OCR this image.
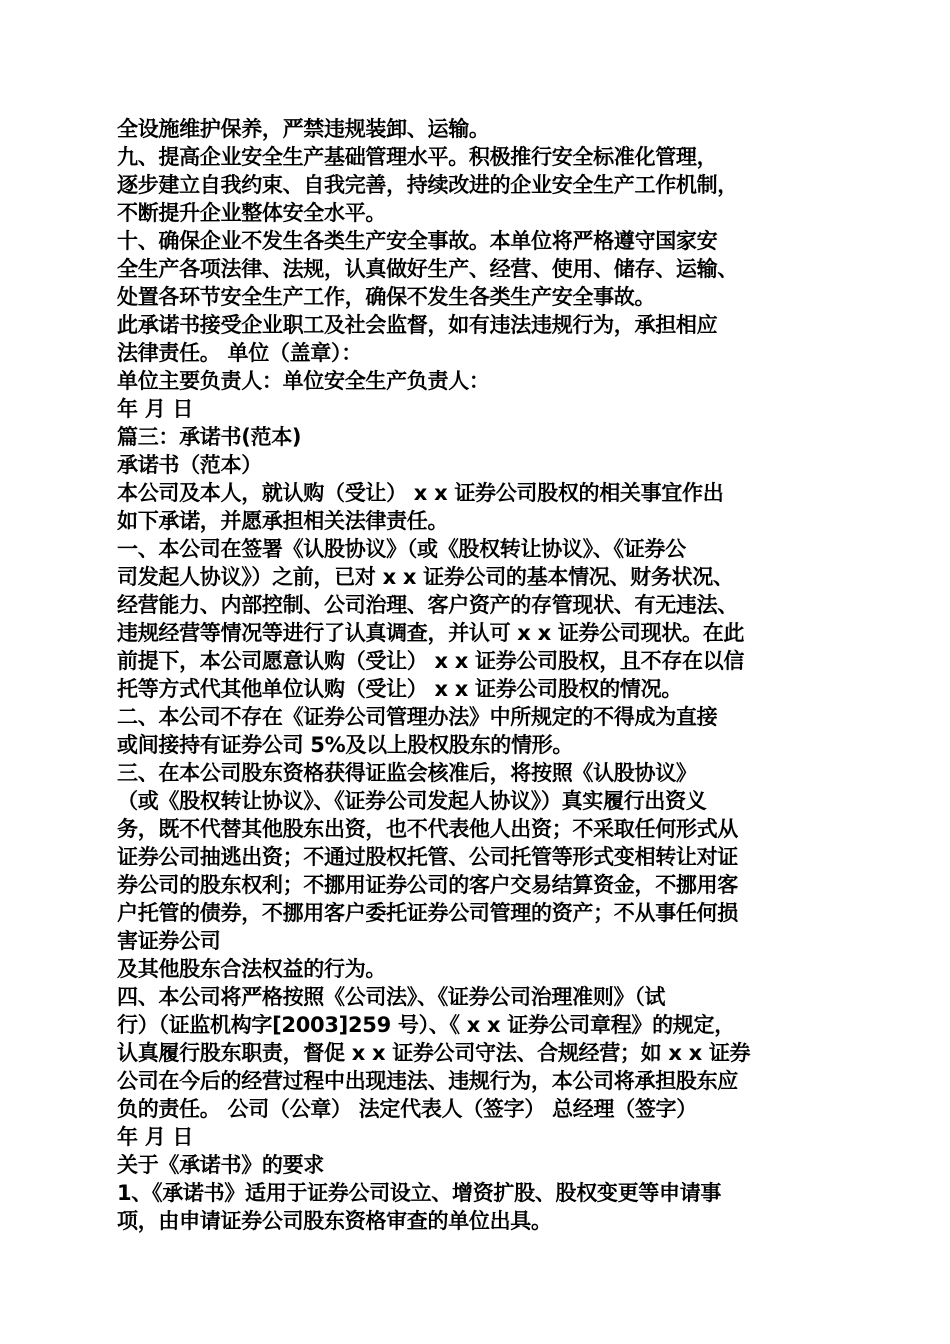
全设施维护保养，严禁违规装卸、运输。
九、提高企业安全生产基础管理水平。积极推行安全标准化管理，
逐步建立自我约束、自我完善，持续改进的企业安全生产工作机制，
不断提升企业整体安全水平。
十、确保企业不发生各类生产安全事故。本单位将严格遵守国家安
全生产各项法律、法规，认真做好生产、经营、使用、储存、运输、
处置各环节安全生产工作，确保不发生各类生产安全事故。
此承诺书接受企业职工及社会监督，如有违法违规行为，承担相应
法律责任。 单位（盖章）：
单位主要负责人：单位安全生产负责人：
年 月 日
篇三：承诺书(范本)
承诺书（范本）
本公司及本人，就认购（受让） x x 证券公司股权的相关事宜作出
如下承诺，并愿承担相关法律责任。
一、本公司在签署《认股协议》（或《股权转让协议》、《证券公
司发起人协议》）之前，已对 x x 证券公司的基本情况、财务状况、
经营能力、内部控制、公司治理、客户资产的存管现状、有无违法、
违规经营等情况等进行了认真调查，并认可 x x 证券公司现状。在此
前提下，本公司愿意认购（受让） x x 证券公司股权，且不存在以信
托等方式代其他单位认购（受让） x x 证券公司股权的情况。
二、本公司不存在《证券公司管理办法》中所规定的不得成为直接
或间接持有证券公司 5%及以上股权股东的情形。
三、在本公司股东资格获得证监会核准后，将按照《认股协议》
（或《股权转让协议》、《证券公司发起人协议》）真实履行出资义
务，既不代替其他股东出资，也不代表他人出资；不采取任何形式从
证券公司抽逃出资；不通过股权托管、公司托管等形式变相转让对证
券公司的股东权利；不挪用证券公司的客户交易结算资金，不挪用客
户托管的债券，不挪用客户委托证券公司管理的资产；不从事任何损
害证券公司
及其他股东合法权益的行为。
四、本公司将严格按照《公司法》、《证券公司治理准则》（试
行）（证监机构字[2003]259 号）、《 x x 证券公司章程》的规定，
认真履行股东职责，督促 x x 证券公司守法、合规经营；如 x x 证券
公司在今后的经营过程中出现违法、违规行为，本公司将承担股东应
负的责任。 公司（公章） 法定代表人（签字） 总经理（签字）
年 月 日
关于《承诺书》的要求
1、《承诺书》适用于证券公司设立、增资扩股、股权变更等申请事
项，由申请证券公司股东资格审查的单位出具。
